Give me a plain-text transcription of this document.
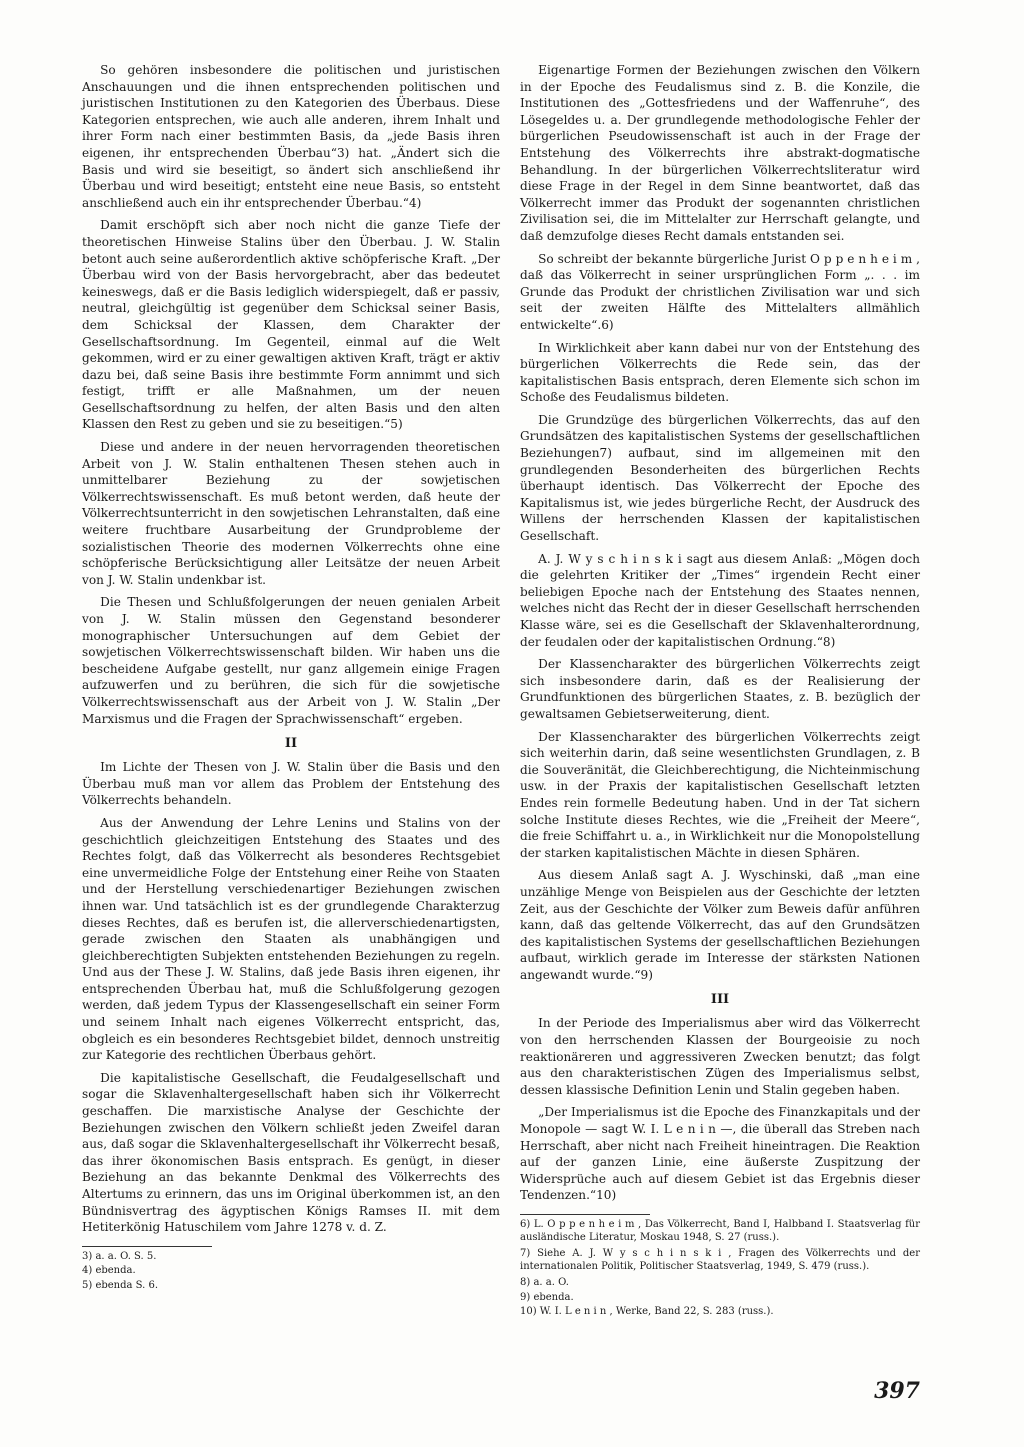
So gehören insbesondere die politischen und juristischen Anschauungen und die ihnen entsprechenden politischen und juristischen Institutionen zu den Kategorien des Überbaus. Diese Kategorien entsprechen, wie auch alle anderen, ihrem Inhalt und ihrer Form nach einer bestimmten Basis, da „jede Basis ihren eigenen, ihr entsprechenden Überbau“3) hat. „Ändert sich die Basis und wird sie beseitigt, so ändert sich anschließend ihr Überbau und wird beseitigt; entsteht eine neue Basis, so entsteht anschließend auch ein ihr entsprechender Überbau.“4)

Damit erschöpft sich aber noch nicht die ganze Tiefe der theoretischen Hinweise Stalins über den Überbau. J. W. Stalin betont auch seine außerordentlich aktive schöpferische Kraft. „Der Überbau wird von der Basis hervorgebracht, aber das bedeutet keineswegs, daß er die Basis lediglich widerspiegelt, daß er passiv, neutral, gleichgültig ist gegenüber dem Schicksal seiner Basis, dem Schicksal der Klassen, dem Charakter der Gesellschaftsordnung. Im Gegenteil, einmal auf die Welt gekommen, wird er zu einer gewaltigen aktiven Kraft, trägt er aktiv dazu bei, daß seine Basis ihre bestimmte Form annimmt und sich festigt, trifft er alle Maßnahmen, um der neuen Gesellschaftsordnung zu helfen, der alten Basis und den alten Klassen den Rest zu geben und sie zu beseitigen.“5)

Diese und andere in der neuen hervorragenden theoretischen Arbeit von J. W. Stalin enthaltenen Thesen stehen auch in unmittelbarer Beziehung zu der sowjetischen Völkerrechtswissenschaft. Es muß betont werden, daß heute der Völkerrechtsunterricht in den sowjetischen Lehranstalten, daß eine weitere fruchtbare Ausarbeitung der Grundprobleme der sozialistischen Theorie des modernen Völkerrechts ohne eine schöpferische Berücksichtigung aller Leitsätze der neuen Arbeit von J. W. Stalin undenkbar ist.

Die Thesen und Schlußfolgerungen der neuen genialen Arbeit von J. W. Stalin müssen den Gegenstand besonderer monographischer Untersuchungen auf dem Gebiet der sowjetischen Völkerrechtswissenschaft bilden. Wir haben uns die bescheidene Aufgabe gestellt, nur ganz allgemein einige Fragen aufzuwerfen und zu berühren, die sich für die sowjetische Völkerrechtswissenschaft aus der Arbeit von J. W. Stalin „Der Marxismus und die Fragen der Sprachwissenschaft“ ergeben.

II

Im Lichte der Thesen von J. W. Stalin über die Basis und den Überbau muß man vor allem das Problem der Entstehung des Völkerrechts behandeln.

Aus der Anwendung der Lehre Lenins und Stalins von der geschichtlich gleichzeitigen Entstehung des Staates und des Rechtes folgt, daß das Völkerrecht als besonderes Rechtsgebiet eine unvermeidliche Folge der Entstehung einer Reihe von Staaten und der Herstellung verschiedenartiger Beziehungen zwischen ihnen war. Und tatsächlich ist es der grundlegende Charakterzug dieses Rechtes, daß es berufen ist, die allerverschiedenartigsten, gerade zwischen den Staaten als unabhängigen und gleichberechtigten Subjekten entstehenden Beziehungen zu regeln. Und aus der These J. W. Stalins, daß jede Basis ihren eigenen, ihr entsprechenden Überbau hat, muß die Schlußfolgerung gezogen werden, daß jedem Typus der Klassengesellschaft ein seiner Form und seinem Inhalt nach eigenes Völkerrecht entspricht, das, obgleich es ein besonderes Rechtsgebiet bildet, dennoch unstreitig zur Kategorie des rechtlichen Überbaus gehört.

Die kapitalistische Gesellschaft, die Feudalgesellschaft und sogar die Sklavenhaltergesellschaft haben sich ihr Völkerrecht geschaffen. Die marxistische Analyse der Geschichte der Beziehungen zwischen den Völkern schließt jeden Zweifel daran aus, daß sogar die Sklavenhaltergesellschaft ihr Völkerrecht besaß, das ihrer ökonomischen Basis entsprach. Es genügt, in dieser Beziehung an das bekannte Denkmal des Völkerrechts des Altertums zu erinnern, das uns im Original überkommen ist, an den Bündnisvertrag des ägyptischen Königs Ramses II. mit dem Hetiterkönig Hatuschilem vom Jahre 1278 v. d. Z.

3) a. a. O. S. 5.
4) ebenda.
5) ebenda S. 6.

Eigenartige Formen der Beziehungen zwischen den Völkern in der Epoche des Feudalismus sind z. B. die Konzile, die Institutionen des „Gottesfriedens und der Waffenruhe“, des Lösegeldes u. a. Der grundlegende methodologische Fehler der bürgerlichen Pseudowissenschaft ist auch in der Frage der Entstehung des Völkerrechts ihre abstrakt-dogmatische Behandlung. In der bürgerlichen Völkerrechtsliteratur wird diese Frage in der Regel in dem Sinne beantwortet, daß das Völkerrecht immer das Produkt der sogenannten christlichen Zivilisation sei, die im Mittelalter zur Herrschaft gelangte, und daß demzufolge dieses Recht damals entstanden sei.

So schreibt der bekannte bürgerliche Jurist O p p e n h e i m , daß das Völkerrecht in seiner ursprünglichen Form „. . . im Grunde das Produkt der christlichen Zivilisation war und sich seit der zweiten Hälfte des Mittelalters allmählich entwickelte“.6)

In Wirklichkeit aber kann dabei nur von der Entstehung des bürgerlichen Völkerrechts die Rede sein, das der kapitalistischen Basis entsprach, deren Elemente sich schon im Schoße des Feudalismus bildeten.

Die Grundzüge des bürgerlichen Völkerrechts, das auf den Grundsätzen des kapitalistischen Systems der gesellschaftlichen Beziehungen7) aufbaut, sind im allgemeinen mit den grundlegenden Besonderheiten des bürgerlichen Rechts überhaupt identisch. Das Völkerrecht der Epoche des Kapitalismus ist, wie jedes bürgerliche Recht, der Ausdruck des Willens der herrschenden Klassen der kapitalistischen Gesellschaft.

A. J. W y s c h i n s k i sagt aus diesem Anlaß: „Mögen doch die gelehrten Kritiker der „Times“ irgendein Recht einer beliebigen Epoche nach der Entstehung des Staates nennen, welches nicht das Recht der in dieser Gesellschaft herrschenden Klasse wäre, sei es die Gesellschaft der Sklavenhalterordnung, der feudalen oder der kapitalistischen Ordnung.“8)

Der Klassencharakter des bürgerlichen Völkerrechts zeigt sich insbesondere darin, daß es der Realisierung der Grundfunktionen des bürgerlichen Staates, z. B. bezüglich der gewaltsamen Gebietserweiterung, dient.

Der Klassencharakter des bürgerlichen Völkerrechts zeigt sich weiterhin darin, daß seine wesentlichsten Grundlagen, z. B die Souveränität, die Gleichberechtigung, die Nichteinmischung usw. in der Praxis der kapitalistischen Gesellschaft letzten Endes rein formelle Bedeutung haben. Und in der Tat sichern solche Institute dieses Rechtes, wie die „Freiheit der Meere“, die freie Schiffahrt u. a., in Wirklichkeit nur die Monopolstellung der starken kapitalistischen Mächte in diesen Sphären.

Aus diesem Anlaß sagt A. J. Wyschinski, daß „man eine unzählige Menge von Beispielen aus der Geschichte der letzten Zeit, aus der Geschichte der Völker zum Beweis dafür anführen kann, daß das geltende Völkerrecht, das auf den Grundsätzen des kapitalistischen Systems der gesellschaftlichen Beziehungen aufbaut, wirklich gerade im Interesse der stärksten Nationen angewandt wurde.“9)

III

In der Periode des Imperialismus aber wird das Völkerrecht von den herrschenden Klassen der Bourgeoisie zu noch reaktionäreren und aggressiveren Zwecken benutzt; das folgt aus den charakteristischen Zügen des Imperialismus selbst, dessen klassische Definition Lenin und Stalin gegeben haben.

„Der Imperialismus ist die Epoche des Finanzkapitals und der Monopole — sagt W. I. L e n i n —, die überall das Streben nach Herrschaft, aber nicht nach Freiheit hineintragen. Die Reaktion auf der ganzen Linie, eine äußerste Zuspitzung der Widersprüche auch auf diesem Gebiet ist das Ergebnis dieser Tendenzen.“10)

6) L. O p p e n h e i m , Das Völkerrecht, Band I, Halbband I. Staatsverlag für ausländische Literatur, Moskau 1948, S. 27 (russ.).
7) Siehe A. J. W y s c h i n s k i , Fragen des Völkerrechts und der internationalen Politik, Politischer Staatsverlag, 1949, S. 479 (russ.).
8) a. a. O.
9) ebenda.
10) W. I. L e n i n , Werke, Band 22, S. 283 (russ.).
397
